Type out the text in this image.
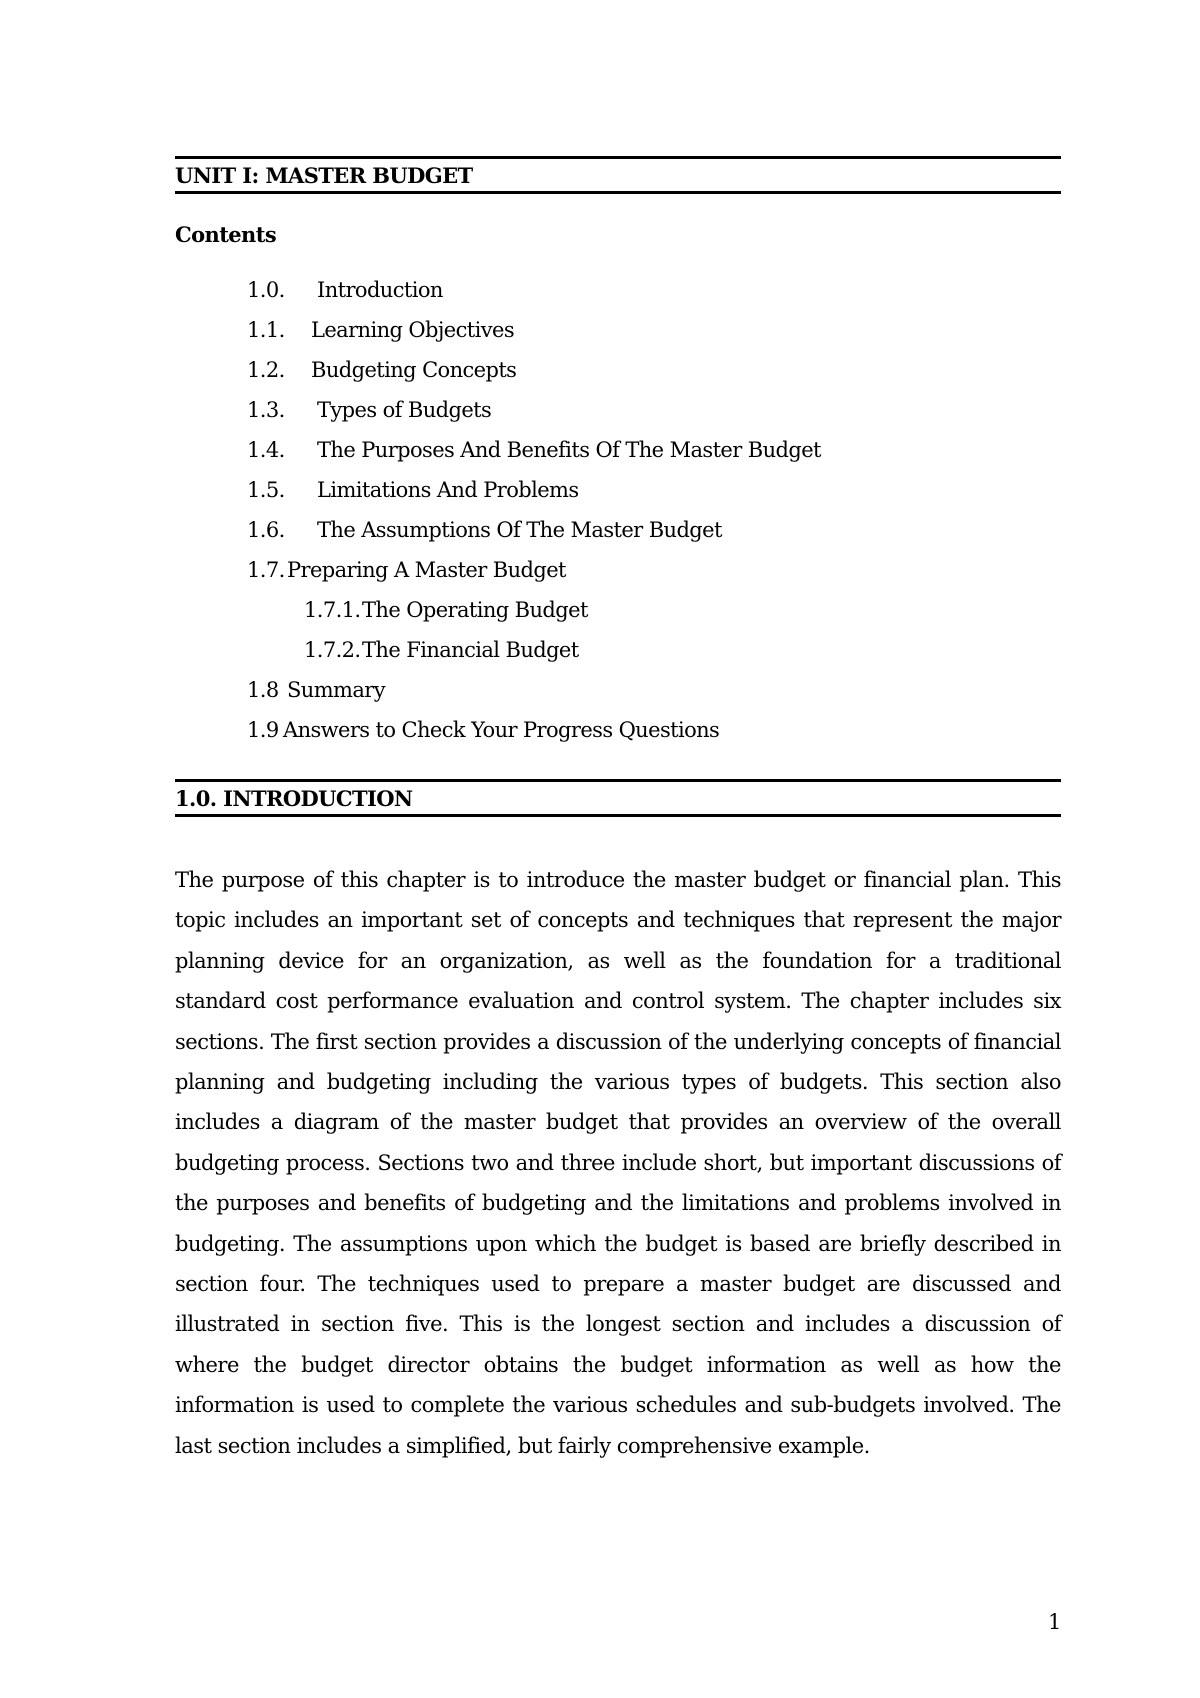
UNIT I: MASTER BUDGET
Contents
1.0. Introduction
1.1. Learning Objectives
1.2. Budgeting Concepts
1.3. Types of Budgets
1.4. The Purposes And Benefits Of The Master Budget
1.5. Limitations And Problems
1.6. The Assumptions Of The Master Budget
1.7. Preparing A Master Budget
1.7.1.The Operating Budget
1.7.2.The Financial Budget
1.8 Summary
1.9 Answers to Check Your Progress Questions
1.0. INTRODUCTION
The purpose of this chapter is to introduce the master budget or financial plan. This topic includes an important set of concepts and techniques that represent the major planning device for an organization, as well as the foundation for a traditional standard cost performance evaluation and control system. The chapter includes six sections. The first section provides a discussion of the underlying concepts of financial planning and budgeting including the various types of budgets. This section also includes a diagram of the master budget that provides an overview of the overall budgeting process. Sections two and three include short, but important discussions of the purposes and benefits of budgeting and the limitations and problems involved in budgeting. The assumptions upon which the budget is based are briefly described in section four. The techniques used to prepare a master budget are discussed and illustrated in section five. This is the longest section and includes a discussion of where the budget director obtains the budget information as well as how the information is used to complete the various schedules and sub-budgets involved. The last section includes a simplified, but fairly comprehensive example.
1
